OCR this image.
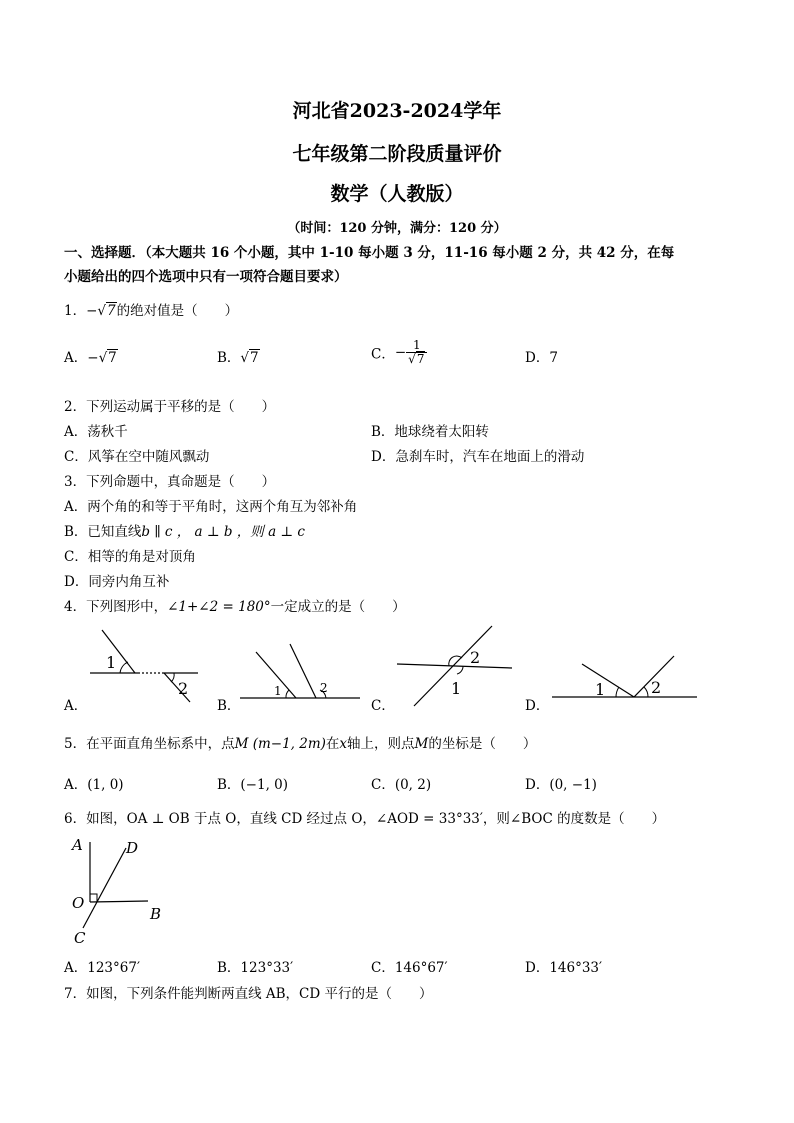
河北省2023-2024学年
七年级第二阶段质量评价
数学（人教版）
（时间：120 分钟，满分：120 分）
一、选择题．（本大题共 16 个小题，其中 1-10 每小题 3 分，11-16 每小题 2 分，共 42 分，在每
小题给出的四个选项中只有一项符合题目要求）
1．−√7的绝对值是（　　）
A．−√7	B．√7	C．− $\frac{1}{√7}$	D．7
2．下列运动属于平移的是（　　）
A．荡秋千	B．地球绕着太阳转
C．风筝在空中随风飘动	D．急刹车时，汽车在地面上的滑动
3．下列命题中，真命题是（　　）
A．两个角的和等于平角时，这两个角互为邻补角
B．已知直线b ∥ c ， a ⊥ b ，则 a ⊥ c
C．相等的角是对顶角
D．同旁内角互补
4．下列图形中，∠1+∠2 = 180°一定成立的是（　　）
1
2	1	2
2
1	1	2
A．	B．	C．	D．
5．在平面直角坐标系中，点M (m−1, 2m)在x轴上，则点M的坐标是（　　）
A．(1, 0)	B．(−1, 0)	C．(0, 2)	D．(0, −1)
6．如图，OA ⊥ OB 于点 O，直线 CD 经过点 O，∠AOD = 33°33′，则∠BOC 的度数是（　　）
A	D
O
B
C
A．123°67′	B．123°33′	C．146°67′	D．146°33′
7．如图，下列条件能判断两直线 AB，CD 平行的是（　　）
